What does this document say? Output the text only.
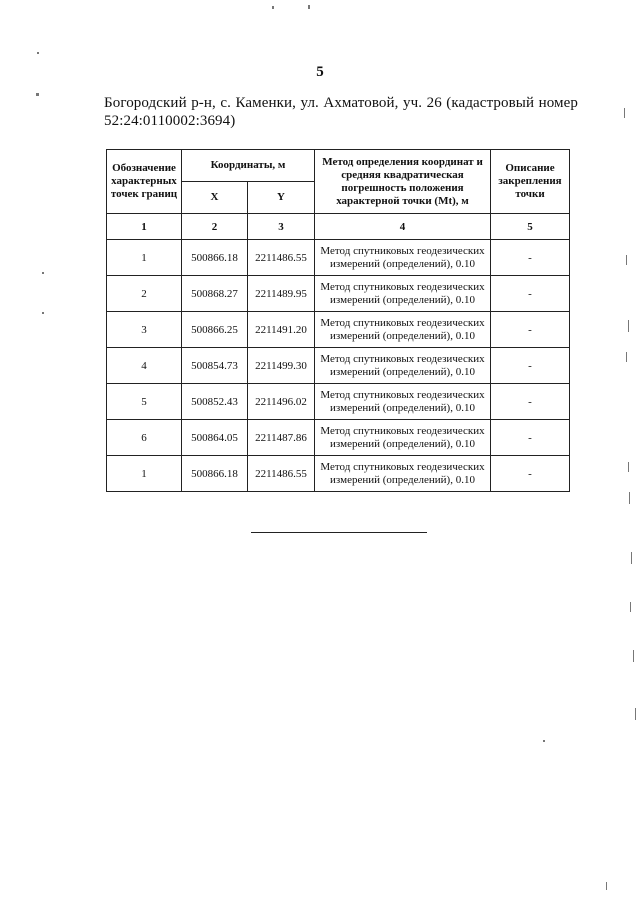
5
Богородский р-н, с. Каменки, ул. Ахматовой, уч. 26 (кадастровый номер 52:24:0110002:3694)
Обозначение характерных точек границ	Координаты, м		Метод определения координат и средняя квадратическая погрешность положения характерной точки (Mt), м	Описание закрепления точки
	X	Y		
1	2	3	4	5
1	500866.18	2211486.55	Метод спутниковых геодезических измерений (определений), 0.10	-
2	500868.27	2211489.95	Метод спутниковых геодезических измерений (определений), 0.10	-
3	500866.25	2211491.20	Метод спутниковых геодезических измерений (определений), 0.10	-
4	500854.73	2211499.30	Метод спутниковых геодезических измерений (определений), 0.10	-
5	500852.43	2211496.02	Метод спутниковых геодезических измерений (определений), 0.10	-
6	500864.05	2211487.86	Метод спутниковых геодезических измерений (определений), 0.10	-
1	500866.18	2211486.55	Метод спутниковых геодезических измерений (определений), 0.10	-
